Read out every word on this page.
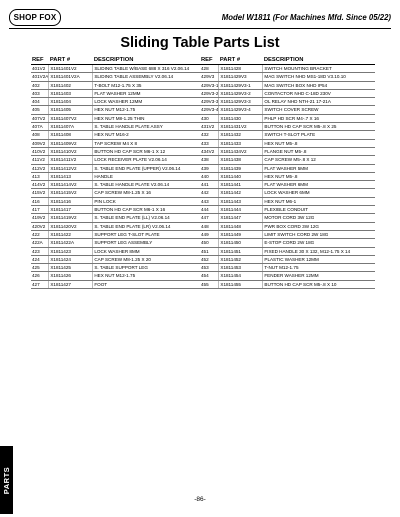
SHOP FOX	Model W1811 (For Machines Mfd. Since 05/22)
Sliding Table Parts List
REF	PART #	DESCRIPTION
401V2	X1811401V2	SLIDING TABLE W/BASE 688 X 316 V2.06.14
401V2A	X1811401V2A	SLIDING TABLE ASSEMBLY V2.06.14
402	X1811402	T-BOLT M12-1.75 X 35
403	X1811403	FLAT WASHER 12MM
404	X1811404	LOCK WASHER 12MM
405	X1811405	HEX NUT M12-1.75
407V2	X1811407V2	HEX NUT M8-1.25 THIN
407A	X1811407A	S. TABLE HANDLE PLATE ASSY
408	X1811408	HEX NUT M16-2
409V2	X1811409V2	TAP SCREW M4 X 8
410V2	X1811410V2	BUTTON HD CAP SCR M6-1 X 12
411V2	X1811411V2	LOCK RECEIVER PLATE V2.06.14
412V2	X1811412V2	S. TABLE END PLATE (UPPER) V2.06.14
413	X1811413	HANDLE
414V2	X1811414V2	S. TABLE HANDLE PLATE V2.06.14
415V2	X1811415V2	CAP SCREW M8-1.25 X 16
416	X1811416	PIN LOCK
417	X1811417	BUTTON HD CAP SCR M6-1 X 16
419V2	X1811419V2	S. TABLE END PLATE (LL) V2.06.14
420V2	X1811420V2	S. TABLE END PLATE (LR) V2.06.14
422	X1811422	SUPPORT LEG T-SLOT PLATE
422A	X1811422A	SUPPORT LEG ASSEMBLY
423	X1811423	LOCK WASHER 8MM
424	X1811424	CAP SCREW M8-1.25 X 20
425	X1811425	S. TABLE SUPPORT LEG
426	X1811426	HEX NUT M12-1.75
427	X1811427	FOOT
REF	PART #	DESCRIPTION
428	X1811428	SWITCH MOUNTING BRACKET
429V3	X1811429V3	MAG SWITCH NHD MS1-18D V3.10.10
429V3-1	X1811429V3-1	MAG SWITCH BOX NHD IP54
429V3-2	X1811429V3-2	CONTACTOR NHD C-18D 230V
429V3-3	X1811429V3-3	OL RELAY NHD NTH-21 17-21A
429V3-4	X1811429V3-4	SWITCH COVER SCREW
430	X1811430	PHLP HD SCR M4-.7 X 16
431V2	X1811431V2	BUTTON HD CAP SCR M5-.8 X 25
432	X1811432	SWITCH T-SLOT PLATE
433	X1811433	HEX NUT M5-.8
434V2	X1811434V2	FLANGE NUT M5-.8
438	X1811438	CAP SCREW M5-.8 X 12
439	X1811439	FLAT WASHER 5MM
440	X1811440	HEX NUT M5-.8
441	X1811441	FLAT WASHER 6MM
442	X1811442	LOCK WASHER 6MM
443	X1811443	HEX NUT M6-1
444	X1811444	FLEXIBLE CONDUIT
447	X1811447	MOTOR CORD 3W 12G
448	X1811448	PWR BOX CORD 3W 12G
449	X1811449	LIMIT SWITCH CORD 2W 18G
450	X1811450	E-STOP CORD 2W 18G
451	X1811451	FIXED HANDLE 30 X 132, M12-1.75 X 14
452	X1811452	PLASTIC WASHER 12MM
453	X1811453	T-NUT M12-1.75
454	X1811454	FENDER WASHER 12MM
455	X1811455	BUTTON HD CAP SCR M5-.8 X 10
PARTS
-86-
